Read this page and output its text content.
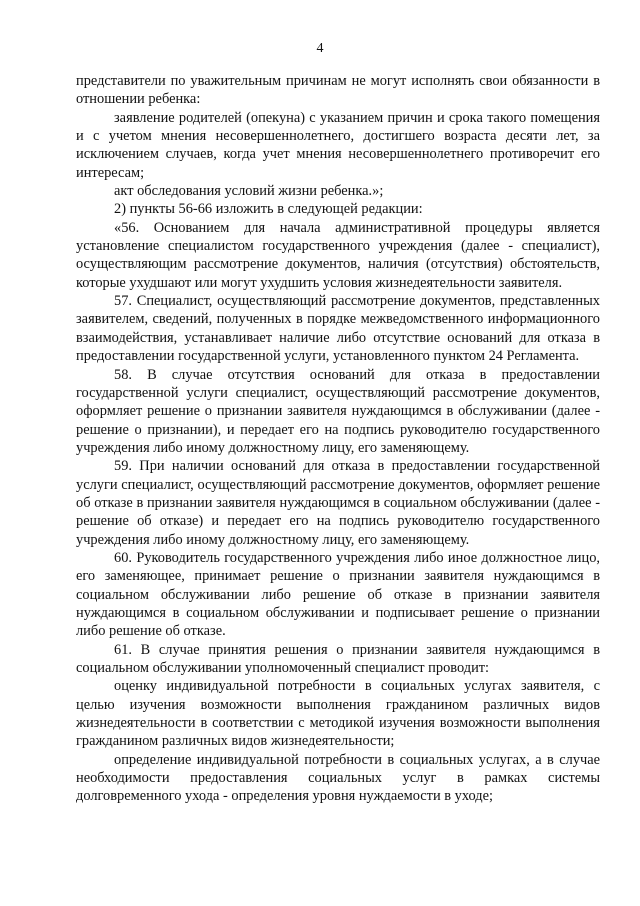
4

представители по уважительным причинам не могут исполнять свои обязанности в отношении ребенка:

заявление родителей (опекуна) с указанием причин и срока такого помещения и с учетом мнения несовершеннолетнего, достигшего возраста десяти лет, за исключением случаев, когда учет мнения несовершеннолетнего противоречит его интересам;

акт обследования условий жизни ребенка.»;

2) пункты 56-66 изложить в следующей редакции:

«56. Основанием для начала административной процедуры является установление специалистом государственного учреждения (далее - специалист), осуществляющим рассмотрение документов, наличия (отсутствия) обстоятельств, которые ухудшают или могут ухудшить условия жизнедеятельности заявителя.

57. Специалист, осуществляющий рассмотрение документов, представленных заявителем, сведений, полученных в порядке межведомственного информационного взаимодействия, устанавливает наличие либо отсутствие оснований для отказа в предоставлении государственной услуги, установленного пунктом 24 Регламента.

58. В случае отсутствия оснований для отказа в предоставлении государственной услуги специалист, осуществляющий рассмотрение документов, оформляет решение о признании заявителя нуждающимся в обслуживании (далее - решение о признании), и передает его на подпись руководителю государственного учреждения либо иному должностному лицу, его заменяющему.

59. При наличии оснований для отказа в предоставлении государственной услуги специалист, осуществляющий рассмотрение документов, оформляет решение об отказе в признании заявителя нуждающимся в социальном обслуживании (далее - решение об отказе) и передает его на подпись руководителю государственного учреждения либо иному должностному лицу, его заменяющему.

60. Руководитель государственного учреждения либо иное должностное лицо, его заменяющее, принимает решение о признании заявителя нуждающимся в социальном обслуживании либо решение об отказе в признании заявителя нуждающимся в социальном обслуживании и подписывает решение о признании либо решение об отказе.

61. В случае принятия решения о признании заявителя нуждающимся в социальном обслуживании уполномоченный специалист проводит:

оценку индивидуальной потребности в социальных услугах заявителя, с целью изучения возможности выполнения гражданином различных видов жизнедеятельности в соответствии с методикой изучения возможности выполнения гражданином различных видов жизнедеятельности;

определение индивидуальной потребности в социальных услугах, а в случае необходимости предоставления социальных услуг в рамках системы долговременного ухода - определения уровня нуждаемости в уходе;
